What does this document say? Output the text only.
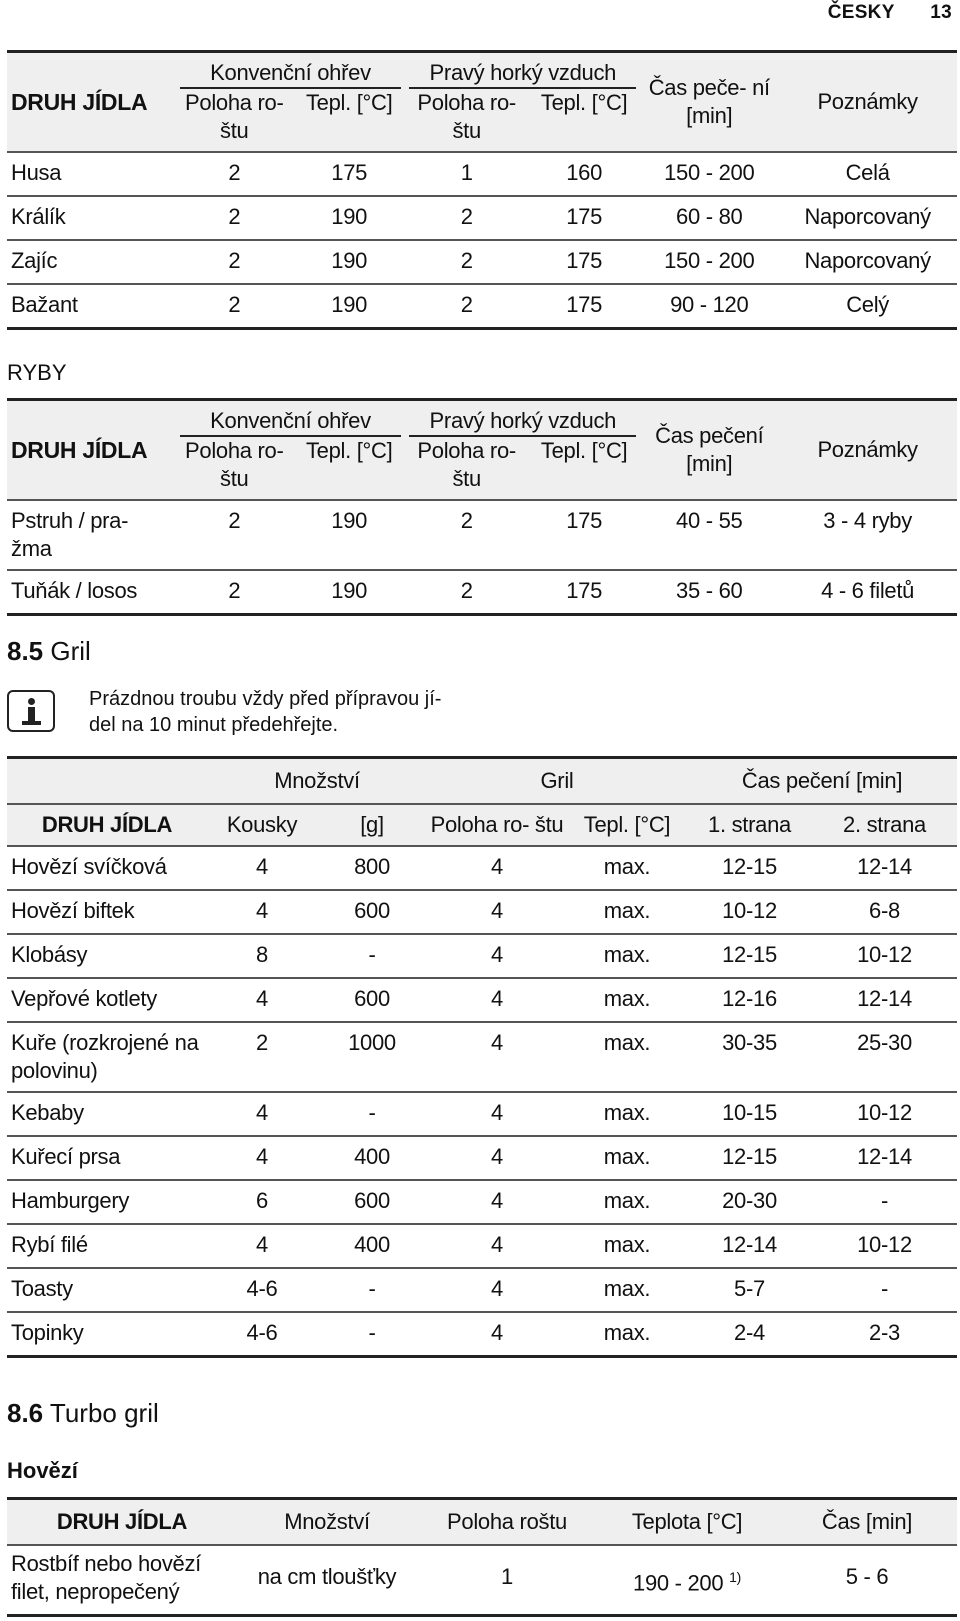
ČESKY 13
DRUH JÍDLA	Konvenční ohřev		Pravý horký vzduch		Čas peče- ní [min]	Poznámky
	Poloha ro- štu	Tepl. [°C]	Poloha ro- štu	Tepl. [°C]		
Husa	2	175	1	160	150 - 200	Celá
Králík	2	190	2	175	60 - 80	Naporcovaný
Zajíc	2	190	2	175	150 - 200	Naporcovaný
Bažant	2	190	2	175	90 - 120	Celý
RYBY
DRUH JÍDLA	Konvenční ohřev		Pravý horký vzduch		Čas pečení [min]	Poznámky
	Poloha ro- štu	Tepl. [°C]	Poloha ro- štu	Tepl. [°C]		
Pstruh / pra- žma	2	190	2	175	40 - 55	3 - 4 ryby
Tuňák / losos	2	190	2	175	35 - 60	4 - 6 filetů
8.5 Gril
Prázdnou troubu vždy před přípravou jí- del na 10 minut předehřejte.
	Množství		Gril		Čas pečení [min]	
DRUH JÍDLA	Kousky	[g]	Poloha ro- štu	Tepl. [°C]	1. strana	2. strana
Hovězí svíčková	4	800	4	max.	12-15	12-14
Hovězí biftek	4	600	4	max.	10-12	6-8
Klobásy	8	-	4	max.	12-15	10-12
Vepřové kotlety	4	600	4	max.	12-16	12-14
Kuře (rozkrojené na polovinu)	2	1000	4	max.	30-35	25-30
Kebaby	4	-	4	max.	10-15	10-12
Kuřecí prsa	4	400	4	max.	12-15	12-14
Hamburgery	6	600	4	max.	20-30	-
Rybí filé	4	400	4	max.	12-14	10-12
Toasty	4-6	-	4	max.	5-7	-
Topinky	4-6	-	4	max.	2-4	2-3
8.6 Turbo gril
Hovězí
DRUH JÍDLA	Množství	Poloha roštu	Teplota [°C]	Čas [min]
Rostbíf nebo hovězí filet, nepropečený	na cm tloušťky	1	190 - 200 $^{1)}$	5 - 6
